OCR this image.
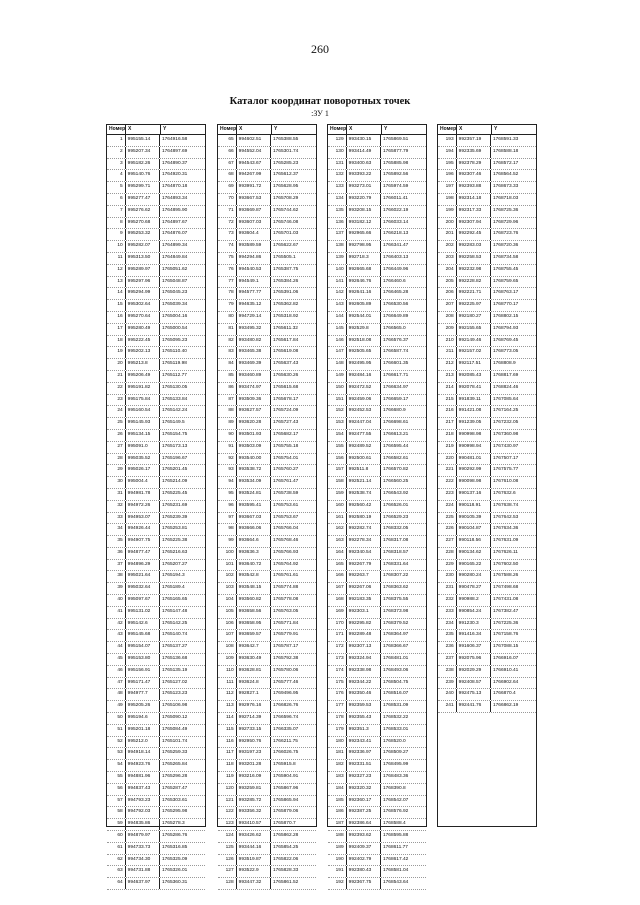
260
Каталог координат поворотных точек
:ЗУ 1
Номер X	Y
1	995155.14	1764916.58
2	995207.34	1764897.69
3	995182.26	1764890.37
4	995140.76	1764920.31
5	995299.71	1764870.18
6	995277.47	1764893.34
7	995276.62	1764895.90
8	995270.68	1764897.67
9	995253.32	1764876.07
10	995282.07	1764899.34
11	995313.50	1764849.84
12	995289.97	1765051.62
13	995297.96	1765048.87
14	995294.99	1765045.23
15	995302.64	1765039.34
16	995270.64	1765004.16
17	995280.49	1765000.54
18	995222.45	1765095.23
19	995202.13	1765110.40
20	995213.8	1765119.98
21	995206.49	1765112.77
22	995191.82	1765130.05
23	995175.84	1765133.84
24	995160.54	1765142.24
25	995145.93	1765149.5
26	995134.15	1765154.75
27	995091.0	1765173.13
28	995035.52	1765196.67
29	995026.17	1765201.45
30	995004.4	1765214.09
31	994981.78	1765225.45
32	994972.26	1765231.69
33	994953.07	1765239.39
34	994926.44	1765253.81
35	994907.75	1765225.38
36	994877.47	1765216.63
37	994896.29	1765207.27
38	995021.64	1765194.3
39	995032.64	1765189.4
40	995097.67	1765165.65
41	995131.02	1765147.48
42	995142.6	1765142.25
43	995145.68	1765140.74
44	995154.07	1765137.27
45	995153.80	1765136.68
46	995156.91	1765135.19
47	995171.47	1765127.02
48	994977.7	1765123.23
49	995205.26	1765106.98
50	995194.6	1765090.12
51	995201.18	1765084.49
52	995212.0	1765101.74
53	994918.14	1765259.33
54	994923.76	1765265.84
55	994881.96	1765296.28
56	994837.43	1765287.47
57	994793.23	1765303.61
58	994792.03	1765295.98
59	994835.86	1765278.3
60	994879.97	1765286.76
61	994733.73	1765316.85
62	994734.30	1765325.09
63	994731.88	1765326.01
64	994637.97	1765360.31
Номер X	Y
65	994602.51	1765388.55
66	994552.04	1765301.74
67	994543.67	1765285.23
68	994267.99	1765612.37
69	993991.72	1765628.95
70	993667.53	1765708.29
71	993669.87	1765744.62
72	993607.03	1765746.08
73	993604.4	1765701.03
74	993589.59	1765622.67
75	994294.86	1765505.1
76	994540.53	1765387.75
77	994549.1	1765384.26
78	994577.77	1765391.06
79	994635.12	1765362.82
80	994729.14	1765318.92
81	993495.32	1765611.32
82	993480.82	1765617.84
83	993465.38	1765619.08
84	993469.39	1765637.43
85	993460.89	1765630.26
86	993474.97	1765615.68
87	993509.36	1765678.17
88	993627.57	1765724.09
89	993620.28	1765727.43
90	993501.93	1765682.17
91	993503.09	1765755.18
92	993540.00	1765754.01
93	993538.72	1765760.27
94	993534.09	1765761.47
95	993524.81	1765738.59
96	993595.41	1765753.61
97	993667.03	1765753.67
98	993666.06	1765766.04
99	993664.6	1765768.46
100	993636.3	1765766.93
101	993640.72	1765764.92
102	993542.8	1765761.61
103	993548.15	1765774.88
104	993560.82	1765778.08
105	993658.56	1765763.05
106	993658.95	1765771.84
107	993659.57	1765779.91
108	993642.7	1765787.17
109	993630.49	1765792.38
110	993628.81	1765780.06
111	993624.8	1765777.46
112	992827.1	1769496.95
113	992976.16	1766826.76
114	992714.39	1766596.74
115	992733.15	1766335.07
116	992950.76	1766211.75
117	993197.23	1766026.75
118	993201.28	1765915.8
119	993216.09	1765904.91
120	993259.81	1765867.96
121	993285.72	1765865.94
122	993356.32	1765879.06
123	993410.57	1765870.7
124	993426.62	1765862.28
125	993444.16	1765854.25
126	993519.87	1765822.06
127	993522.9	1765828.33
128	993447.32	1765861.52
Номер X	Y
129	993430.15	1765869.51
130	993414.49	1765877.79
131	993400.63	1765885.98
132	993393.22	1765892.56
133	993273.01	1765974.59
134	993220.79	1766011.41
135	993208.15	1766022.19
136	993182.12	1766033.14
137	992965.66	1766218.13
138	992798.95	1766341.47
139	992718.3	1766403.13
140	992665.68	1766449.96
141	992646.76	1766460.6
142	992641.16	1766465.28
143	992605.89	1766530.56
144	992544.01	1766649.89
145	992529.8	1766565.0
146	992518.08	1766576.37
147	992505.65	1766587.74
148	992495.95	1766601.35
149	992484.16	1766617.71
150	992472.52	1766634.97
151	992459.06	1766659.17
152	992452.53	1766680.9
153	992447.04	1766698.61
154	992477.55	1766613.21
155	992489.52	1766595.44
156	992500.61	1766582.61
157	992511.8	1766570.82
158	992521.14	1766560.25
159	992538.74	1766543.92
160	992560.42	1766526.01
161	992580.19	1766529.23
162	992282.74	1768332.05
163	992278.34	1768317.08
164	992340.54	1768318.57
165	992267.79	1768331.64
166	992263.7	1768307.22
167	992267.06	1768363.62
168	992183.35	1768375.55
169	992303.1	1768373.98
170	992295.82	1768379.52
171	992289.48	1768364.97
172	992307.13	1768366.67
173	992324.94	1768481.01
174	992338.98	1768493.06
175	992344.22	1768504.75
176	992350.46	1768516.07
177	992359.53	1768531.09
178	992355.43	1768532.22
179	992351.3	1768533.01
180	992343.41	1768520.0
181	992336.97	1768509.27
182	992331.51	1768495.99
183	992327.23	1768483.36
184	992320.32	1768390.8
185	992360.17	1768542.07
186	992387.25	1768576.92
187	992386.64	1768588.4
188	992393.62	1768595.88
189	992409.37	1768611.77
190	992402.79	1768617.42
191	992380.43	1768581.04
192	992367.75	1768543.64
Номер X	Y
193	992357.19	1768591.33
194	992335.69	1768588.18
195	992378.29	1768572.17
196	992307.46	1768564.52
197	992393.88	1768673.33
198	992314.18	1768718.03
199	992317.33	1768725.36
200	992307.94	1768729.96
201	992292.45	1768723.76
202	992283.03	1768720.36
203	992258.53	1768734.58
204	992232.98	1768755.45
205	992228.82	1768759.65
206	992221.71	1768763.17
207	992225.97	1768770.17
208	992180.27	1768802.15
209	992155.65	1768794.93
210	992149.46	1768769.45
211	992157.02	1768773.05
212	992117.51	1768808.9
213	992085.43	1768817.69
214	992078.41	1768824.46
215	991839.11	1767085.64
216	991421.08	1767164.25
217	991239.05	1767232.05
218	990998.98	1767360.98
219	990998.94	1767430.97
220	990481.01	1767507.17
221	990292.99	1767575.77
222	990098.98	1767610.08
223	990137.16	1767632.6
224	990118.91	1767638.74
225	990105.39	1767642.53
226	990104.87	1767634.36
227	990118.56	1767631.09
228	990134.62	1767626.11
229	990165.22	1767602.50
230	990280.24	1767588.26
231	990478.27	1767498.68
232	990988.2	1767431.08
233	990854.24	1767382.47
234	991230.3	1767225.36
235	991416.34	1767158.76
236	991606.37	1767088.15
237	992075.96	1766916.07
238	992029.29	1766910.41
239	992408.57	1766902.64
240	992475.13	1766870.4
241	992441.76	1766862.19
